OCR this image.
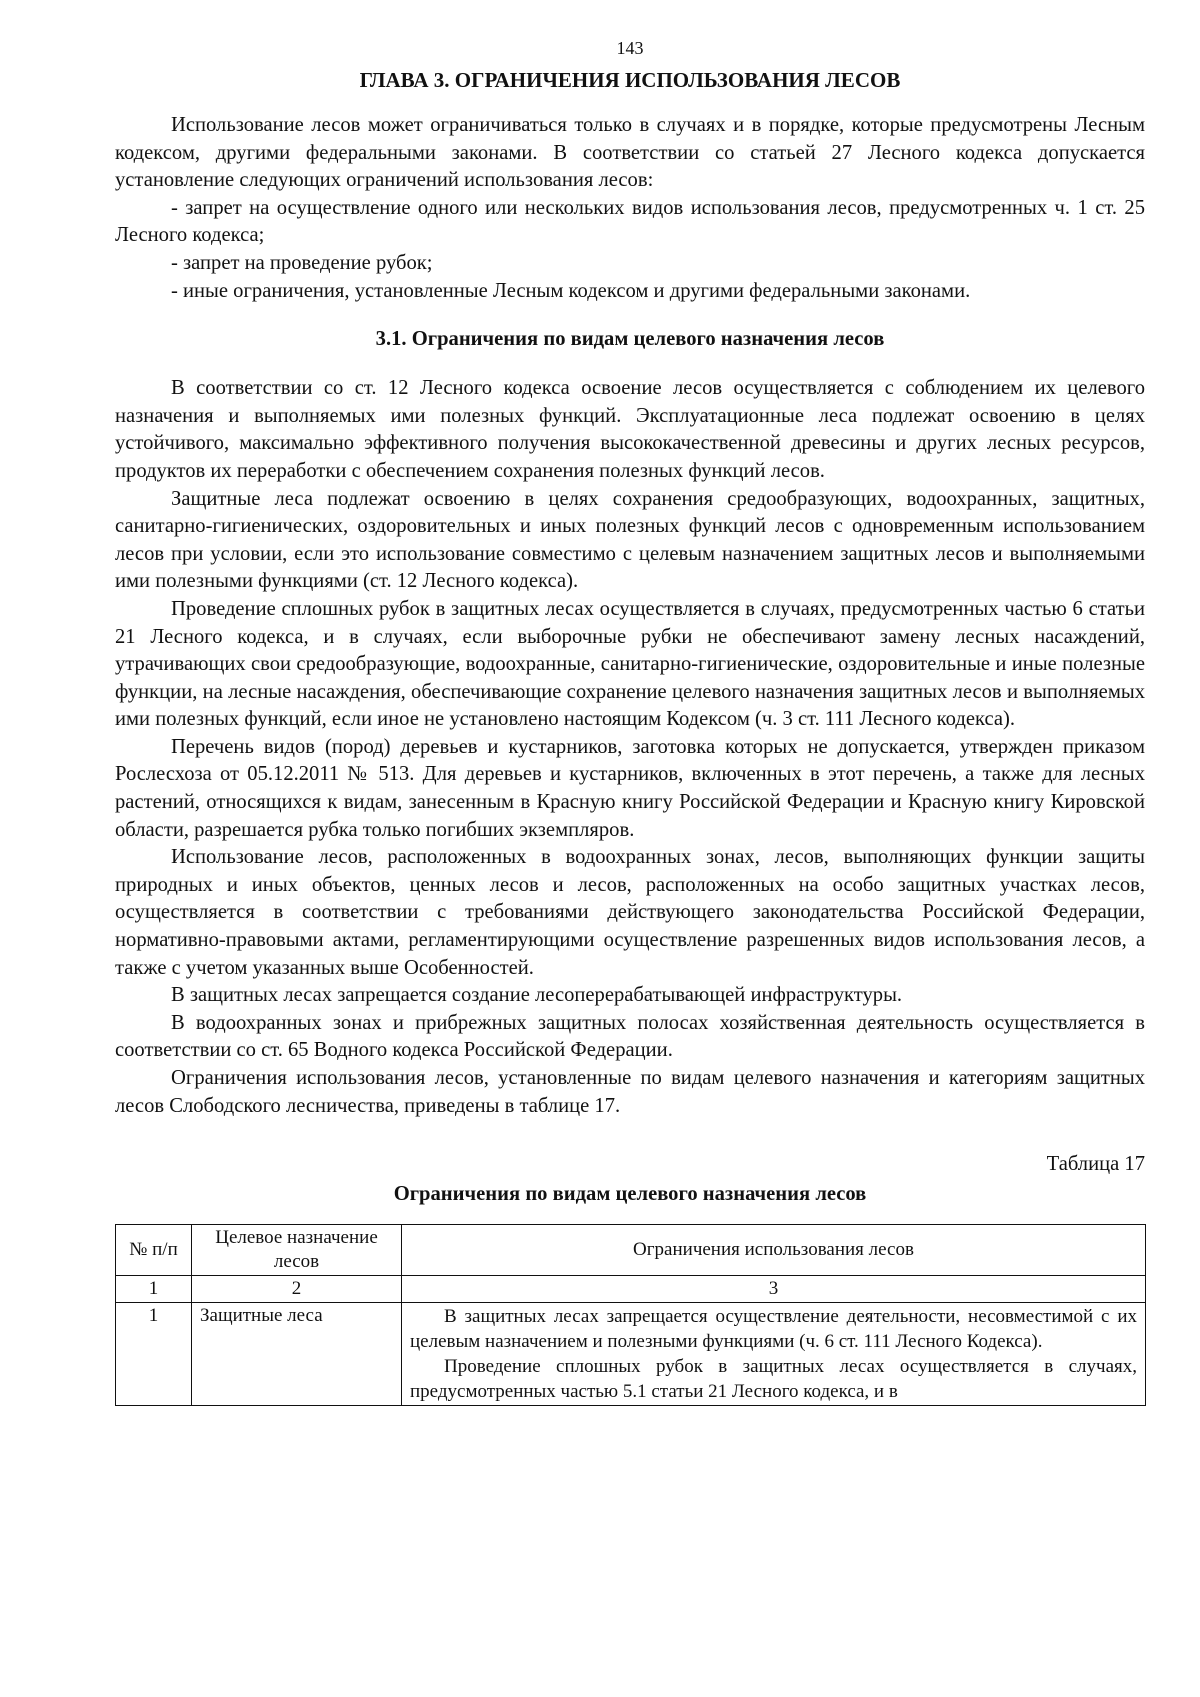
143
ГЛАВА 3. ОГРАНИЧЕНИЯ ИСПОЛЬЗОВАНИЯ ЛЕСОВ

Использование лесов может ограничиваться только в случаях и в порядке, которые предусмотрены Лесным кодексом, другими федеральными законами. В соответствии со статьей 27 Лесного кодекса допускается установление следующих ограничений использования лесов:

- запрет на осуществление одного или нескольких видов использования лесов, предусмотренных ч. 1 ст. 25 Лесного кодекса;

- запрет на проведение рубок;

- иные ограничения, установленные Лесным кодексом и другими федеральными законами.

3.1. Ограничения по видам целевого назначения лесов

В соответствии со ст. 12 Лесного кодекса освоение лесов осуществляется с соблюдением их целевого назначения и выполняемых ими полезных функций. Эксплуатационные леса подлежат освоению в целях устойчивого, максимально эффективного получения высококачественной древесины и других лесных ресурсов, продуктов их переработки с обеспечением сохранения полезных функций лесов.

Защитные леса подлежат освоению в целях сохранения средообразующих, водоохранных, защитных, санитарно-гигиенических, оздоровительных и иных полезных функций лесов с одновременным использованием лесов при условии, если это использование совместимо с целевым назначением защитных лесов и выполняемыми ими полезными функциями (ст. 12 Лесного кодекса).

Проведение сплошных рубок в защитных лесах осуществляется в случаях, предусмотренных частью 6 статьи 21 Лесного кодекса, и в случаях, если выборочные рубки не обеспечивают замену лесных насаждений, утрачивающих свои средообразующие, водоохранные, санитарно-гигиенические, оздоровительные и иные полезные функции, на лесные насаждения, обеспечивающие сохранение целевого назначения защитных лесов и выполняемых ими полезных функций, если иное не установлено настоящим Кодексом (ч. 3 ст. 111 Лесного кодекса).

Перечень видов (пород) деревьев и кустарников, заготовка которых не допускается, утвержден приказом Рослесхоза от 05.12.2011 № 513. Для деревьев и кустарников, включенных в этот перечень, а также для лесных растений, относящихся к видам, занесенным в Красную книгу Российской Федерации и Красную книгу Кировской области, разрешается рубка только погибших экземпляров.

Использование лесов, расположенных в водоохранных зонах, лесов, выполняющих функции защиты природных и иных объектов, ценных лесов и лесов, расположенных на особо защитных участках лесов, осуществляется в соответствии с требованиями действующего законодательства Российской Федерации, нормативно-правовыми актами, регламентирующими осуществление разрешенных видов использования лесов, а также с учетом указанных выше Особенностей.

В защитных лесах запрещается создание лесоперерабатывающей инфраструктуры.

В водоохранных зонах и прибрежных защитных полосах хозяйственная деятельность осуществляется в соответствии со ст. 65 Водного кодекса Российской Федерации.

Ограничения использования лесов, установленные по видам целевого назначения и категориям защитных лесов Слободского лесничества, приведены в таблице 17.

Таблица 17
Ограничения по видам целевого назначения лесов
№ п/п	Целевое назначение лесов	Ограничения использования лесов
1	2	3
1	Защитные леса	В защитных лесах запрещается осуществление деятельности, несовместимой с их целевым назначением и полезными функциями (ч. 6 ст. 111 Лесного Кодекса).

Проведение сплошных рубок в защитных лесах осуществляется в случаях, предусмотренных частью 5.1 статьи 21 Лесного кодекса, и в
